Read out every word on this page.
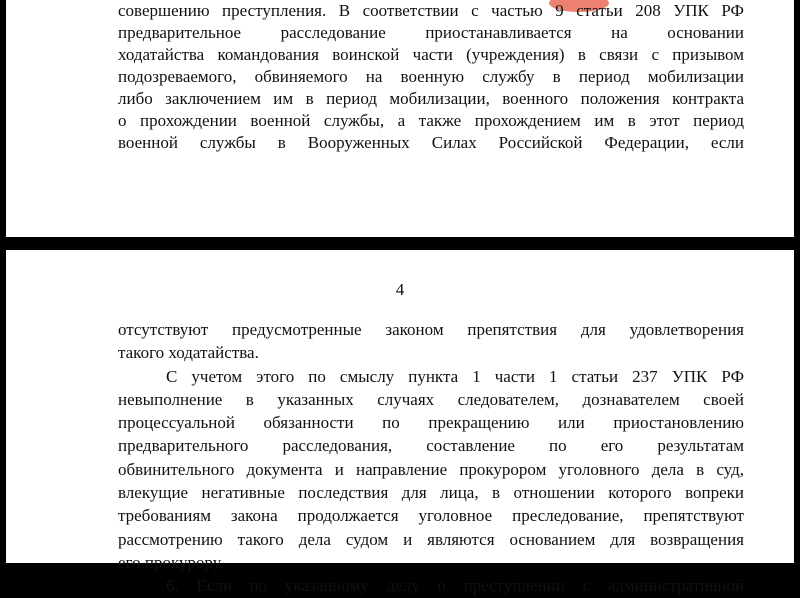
совершению преступления. В соответствии с частью 9 статьи 208 УПК РФ
предварительное расследование приостанавливается на основании
ходатайства командования воинской части (учреждения) в связи с призывом
подозреваемого, обвиняемого на военную службу в период мобилизации
либо заключением им в период мобилизации, военного положения контракта
о прохождении военной службы, а также прохождением им в этот период
военной службы в Вооруженных Силах Российской Федерации, если
4
отсутствуют предусмотренные законом препятствия для удовлетворения
такого ходатайства.
С учетом этого по смыслу пункта 1 части 1 статьи 237 УПК РФ
невыполнение в указанных случаях следователем, дознавателем своей
процессуальной обязанности по прекращению или приостановлению
предварительного расследования, составление по его результатам
обвинительного документа и направление прокурором уголовного дела в суд,
влекущие негативные последствия для лица, в отношении которого вопреки
требованиям закона продолжается уголовное преследование, препятствуют
рассмотрению такого дела судом и являются основанием для возвращения
его прокурору.
6. Если по указанному делу о преступлении с административной
